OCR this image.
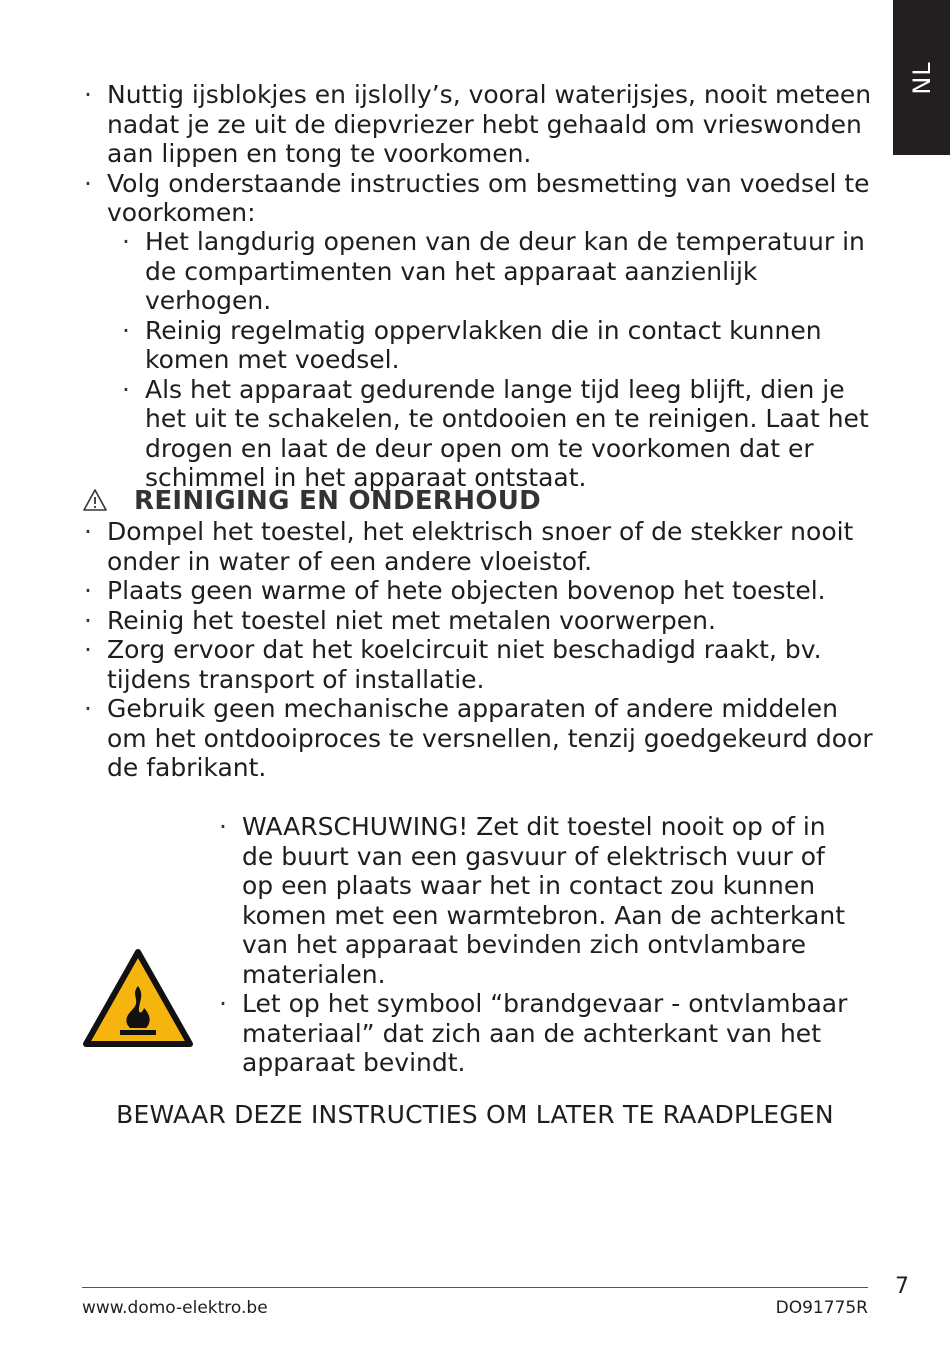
NL
· Nuttig ijsblokjes en ijslolly’s, vooral waterijsjes, nooit meteen nadat je ze uit de diepvriezer hebt gehaald om vrieswonden aan lippen en tong te voorkomen.
· Volg onderstaande instructies om besmetting van voedsel te voorkomen:
· Het langdurig openen van de deur kan de temperatuur in de compartimenten van het apparaat aanzienlijk verhogen.
· Reinig regelmatig oppervlakken die in contact kunnen komen met voedsel.
· Als het apparaat gedurende lange tijd leeg blijft, dien je het uit te schakelen, te ontdooien en te reinigen. Laat het drogen en laat de deur open om te voorkomen dat er schimmel in het apparaat ontstaat.
REINIGING EN ONDERHOUD
· Dompel het toestel, het elektrisch snoer of de stekker nooit onder in water of een andere vloeistof.
· Plaats geen warme of hete objecten bovenop het toestel.
· Reinig het toestel niet met metalen voorwerpen.
· Zorg ervoor dat het koelcircuit niet beschadigd raakt, bv. tijdens transport of installatie.
· Gebruik geen mechanische apparaten of andere middelen om het ontdooiproces te versnellen, tenzij goedgekeurd door de fabrikant.
· WAARSCHUWING! Zet dit toestel nooit op of in de buurt van een gasvuur of elektrisch vuur of op een plaats waar het in contact zou kunnen komen met een warmtebron. Aan de achterkant van het apparaat bevinden zich ontvlambare materialen.
· Let op het symbool “brandgevaar - ontvlambaar materiaal” dat zich aan de achterkant van het apparaat bevindt.
BEWAAR DEZE INSTRUCTIES OM LATER TE RAADPLEGEN
7
www.domo-elektro.be	DO91775R
